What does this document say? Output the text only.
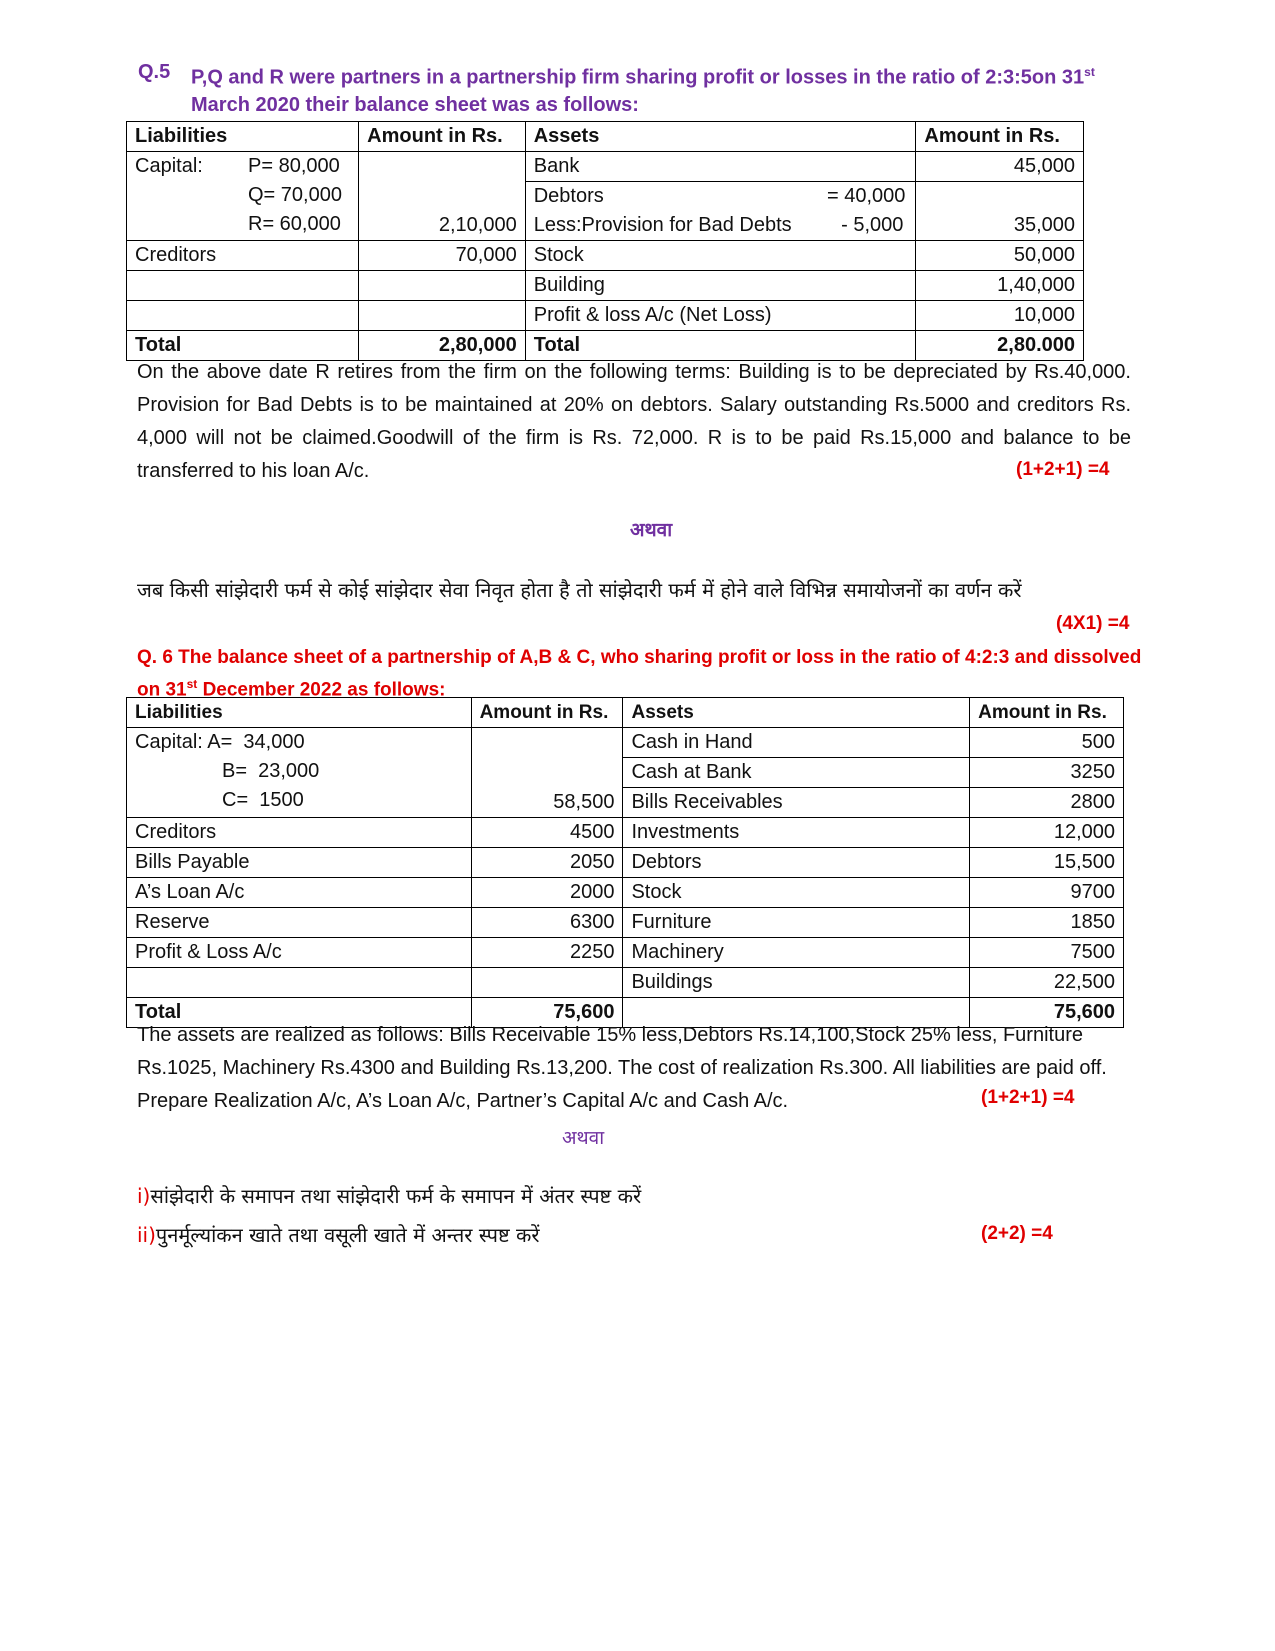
Q.5 P,Q and R were partners in a partnership firm sharing profit or losses in the ratio of 2:3:5on 31st
March 2020 their balance sheet was as follows:
Liabilities	Amount in Rs.	Assets	Amount in Rs.

Capital: P= 80,000
Q= 70,000
R= 60,000	2,10,000	Bank	45,000
		Debtors = 40,000	35,000
		Less:Provision for Bad Debts - 5,000	

Creditors	70,000	Stock	50,000
		Building	1,40,000
		Profit & loss A/c (Net Loss)	10,000
Total	2,80,000	Total	2,80.000
On the above date R retires from the firm on the following terms: Building is to be depreciated by Rs.40,000. Provision for Bad Debts is to be maintained at 20% on debtors. Salary outstanding Rs.5000 and creditors Rs. 4,000 will not be claimed.Goodwill of the firm is Rs. 72,000. R is to be paid Rs.15,000 and balance to be transferred to his loan A/c.	(1+2+1) =4
अथवा
जब किसी सांझेदारी फर्म से कोई सांझेदार सेवा निवृत होता है तो सांझेदारी फर्म में होने वाले विभिन्न समायोजनों का वर्णन करें
(4X1) =4
Q. 6 The balance sheet of a partnership of A,B & C, who sharing profit or loss in the ratio of 4:2:3 and dissolved
on 31st December 2022 as follows:
Liabilities	Amount in Rs.	Assets	Amount in Rs.

Capital: A=  34,000
B=  23,000
C=  1500	58,500	Cash in Hand	500
		Cash at Bank	3250
		Bills Receivables	2800
Creditors	4500	Investments	12,000
Bills Payable	2050	Debtors	15,500
A’s Loan A/c	2000	Stock	9700
Reserve	6300	Furniture	1850
Profit & Loss A/c	2250	Machinery	7500
		Buildings	22,500
Total	75,600		75,600
The assets are realized as follows: Bills Receivable 15% less,Debtors Rs.14,100,Stock 25% less, Furniture Rs.1025, Machinery Rs.4300 and Building Rs.13,200. The cost of realization Rs.300. All liabilities are paid off. Prepare Realization A/c, A’s Loan A/c, Partner’s Capital A/c and Cash A/c.	(1+2+1) =4
अथवा
i)सांझेदारी के समापन तथा सांझेदारी फर्म के समापन में अंतर स्पष्ट करें
ii)पुनर्मूल्यांकन खाते तथा वसूली खाते में अन्तर स्पष्ट करें	(2+2) =4
